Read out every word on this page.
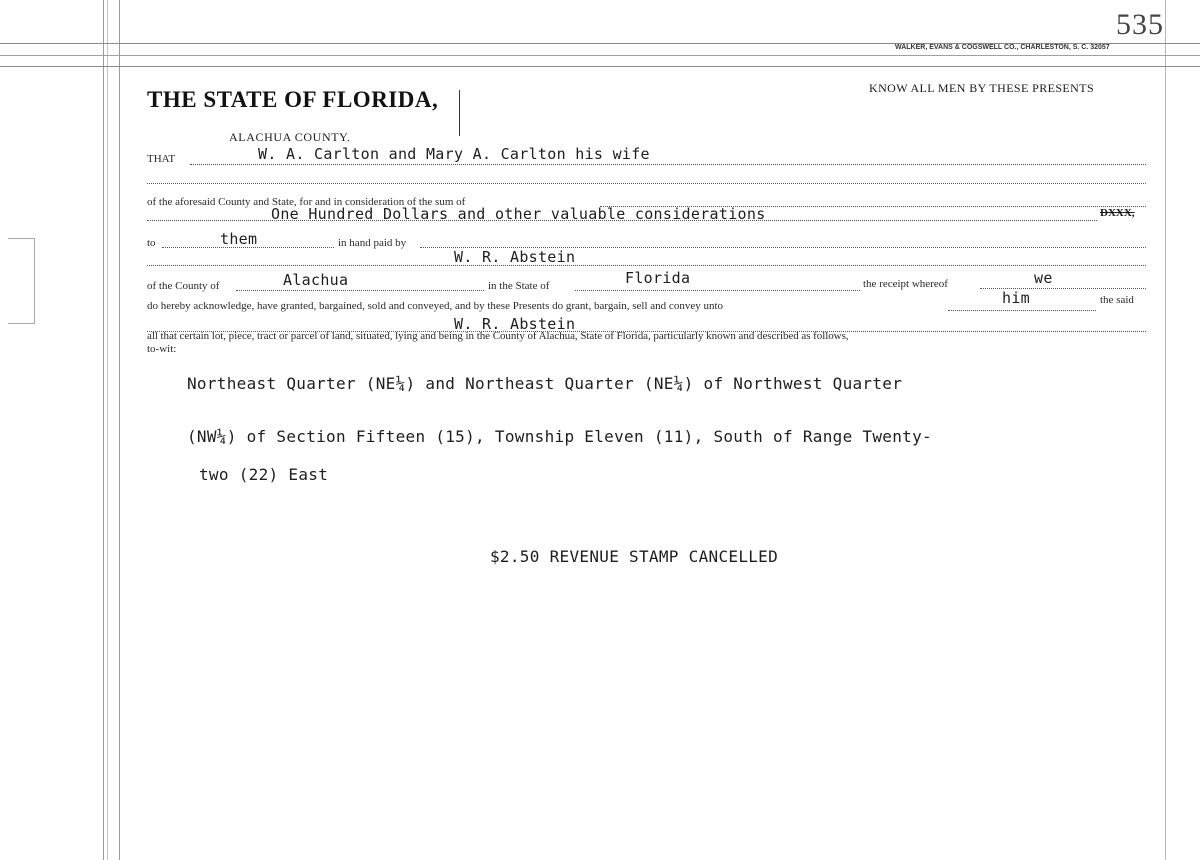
535
WALKER, EVANS & COGSWELL CO., CHARLESTON, S. C. 32057
THE STATE OF FLORIDA,
ALACHUA COUNTY.
KNOW ALL MEN BY THESE PRESENTS
THAT	W. A. Carlton and Mary A. Carlton his wife
of the aforesaid County and State, for and in consideration of the sum of
One Hundred Dollars and other valuable considerations	DXXX,
to	them	in hand paid by
W. R. Abstein
of the County of	Alachua	in the State of	Florida	the receipt whereof	we
do hereby acknowledge, have granted, bargained, sold and conveyed, and by these Presents do grant, bargain, sell and convey unto	him	the said
W. R. Abstein
all that certain lot, piece, tract or parcel of land, situated, lying and being in the County of Alachua, State of Florida, particularly known and described as follows,
to-wit:
Northeast Quarter (NE¼) and Northeast Quarter (NE¼) of Northwest Quarter
(NW¼) of Section Fifteen (15), Township Eleven (11), South of Range Twenty-
two (22) East
$2.50 REVENUE STAMP CANCELLED
